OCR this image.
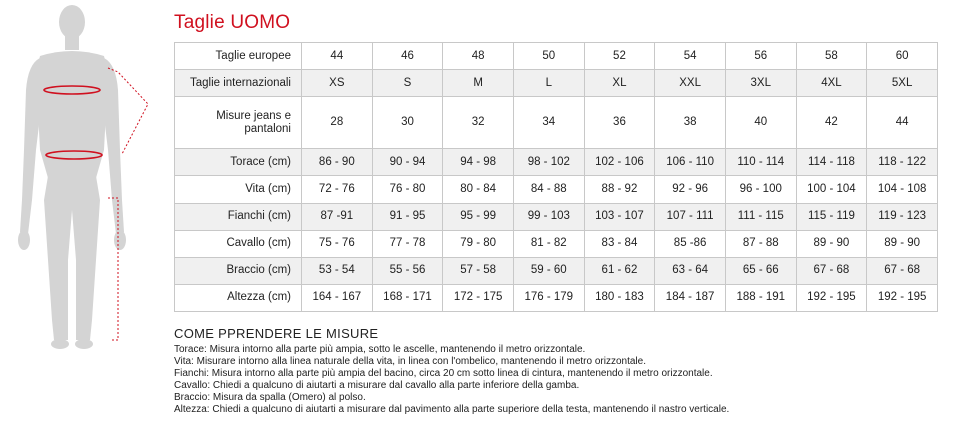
Taglie UOMO
Taglie europee	44	46	48	50	52	54	56	58	60
Taglie internazionali	XS	S	M	L	XL	XXL	3XL	4XL	5XL
Misure jeans e pantaloni	28	30	32	34	36	38	40	42	44
Torace (cm)	86 - 90	90 - 94	94 - 98	98 - 102	102 - 106	106 - 110	110 - 114	114 - 118	118 - 122
Vita (cm)	72 - 76	76 - 80	80 - 84	84 - 88	88 - 92	92 - 96	96 - 100	100 - 104	104 - 108
Fianchi (cm)	87 -91	91 - 95	95 - 99	99 - 103	103 - 107	107 - 111	111 - 115	115 - 119	119 - 123
Cavallo (cm)	75 - 76	77 - 78	79 - 80	81 - 82	83 - 84	85 -86	87 - 88	89 - 90	89 - 90
Braccio (cm)	53 - 54	55 - 56	57 - 58	59 - 60	61 - 62	63 - 64	65 - 66	67 - 68	67 - 68
Altezza (cm)	164 - 167	168 - 171	172 - 175	176 - 179	180 - 183	184 - 187	188 - 191	192 - 195	192 - 195
COME PPRENDERE LE MISURE

Torace: Misura intorno alla parte più ampia, sotto le ascelle, mantenendo il metro orizzontale.

Vita: Misurare intorno alla linea naturale della vita, in linea con l'ombelico, mantenendo il metro orizzontale.

Fianchi: Misura intorno alla parte più ampia del bacino, circa 20 cm sotto linea di cintura, mantenendo il metro orizzontale.

Cavallo: Chiedi a qualcuno di aiutarti a misurare dal cavallo alla parte inferiore della gamba.

Braccio: Misura da spalla (Omero) al polso.

Altezza: Chiedi a qualcuno di aiutarti a misurare dal pavimento alla parte superiore della testa, mantenendo il nastro verticale.
